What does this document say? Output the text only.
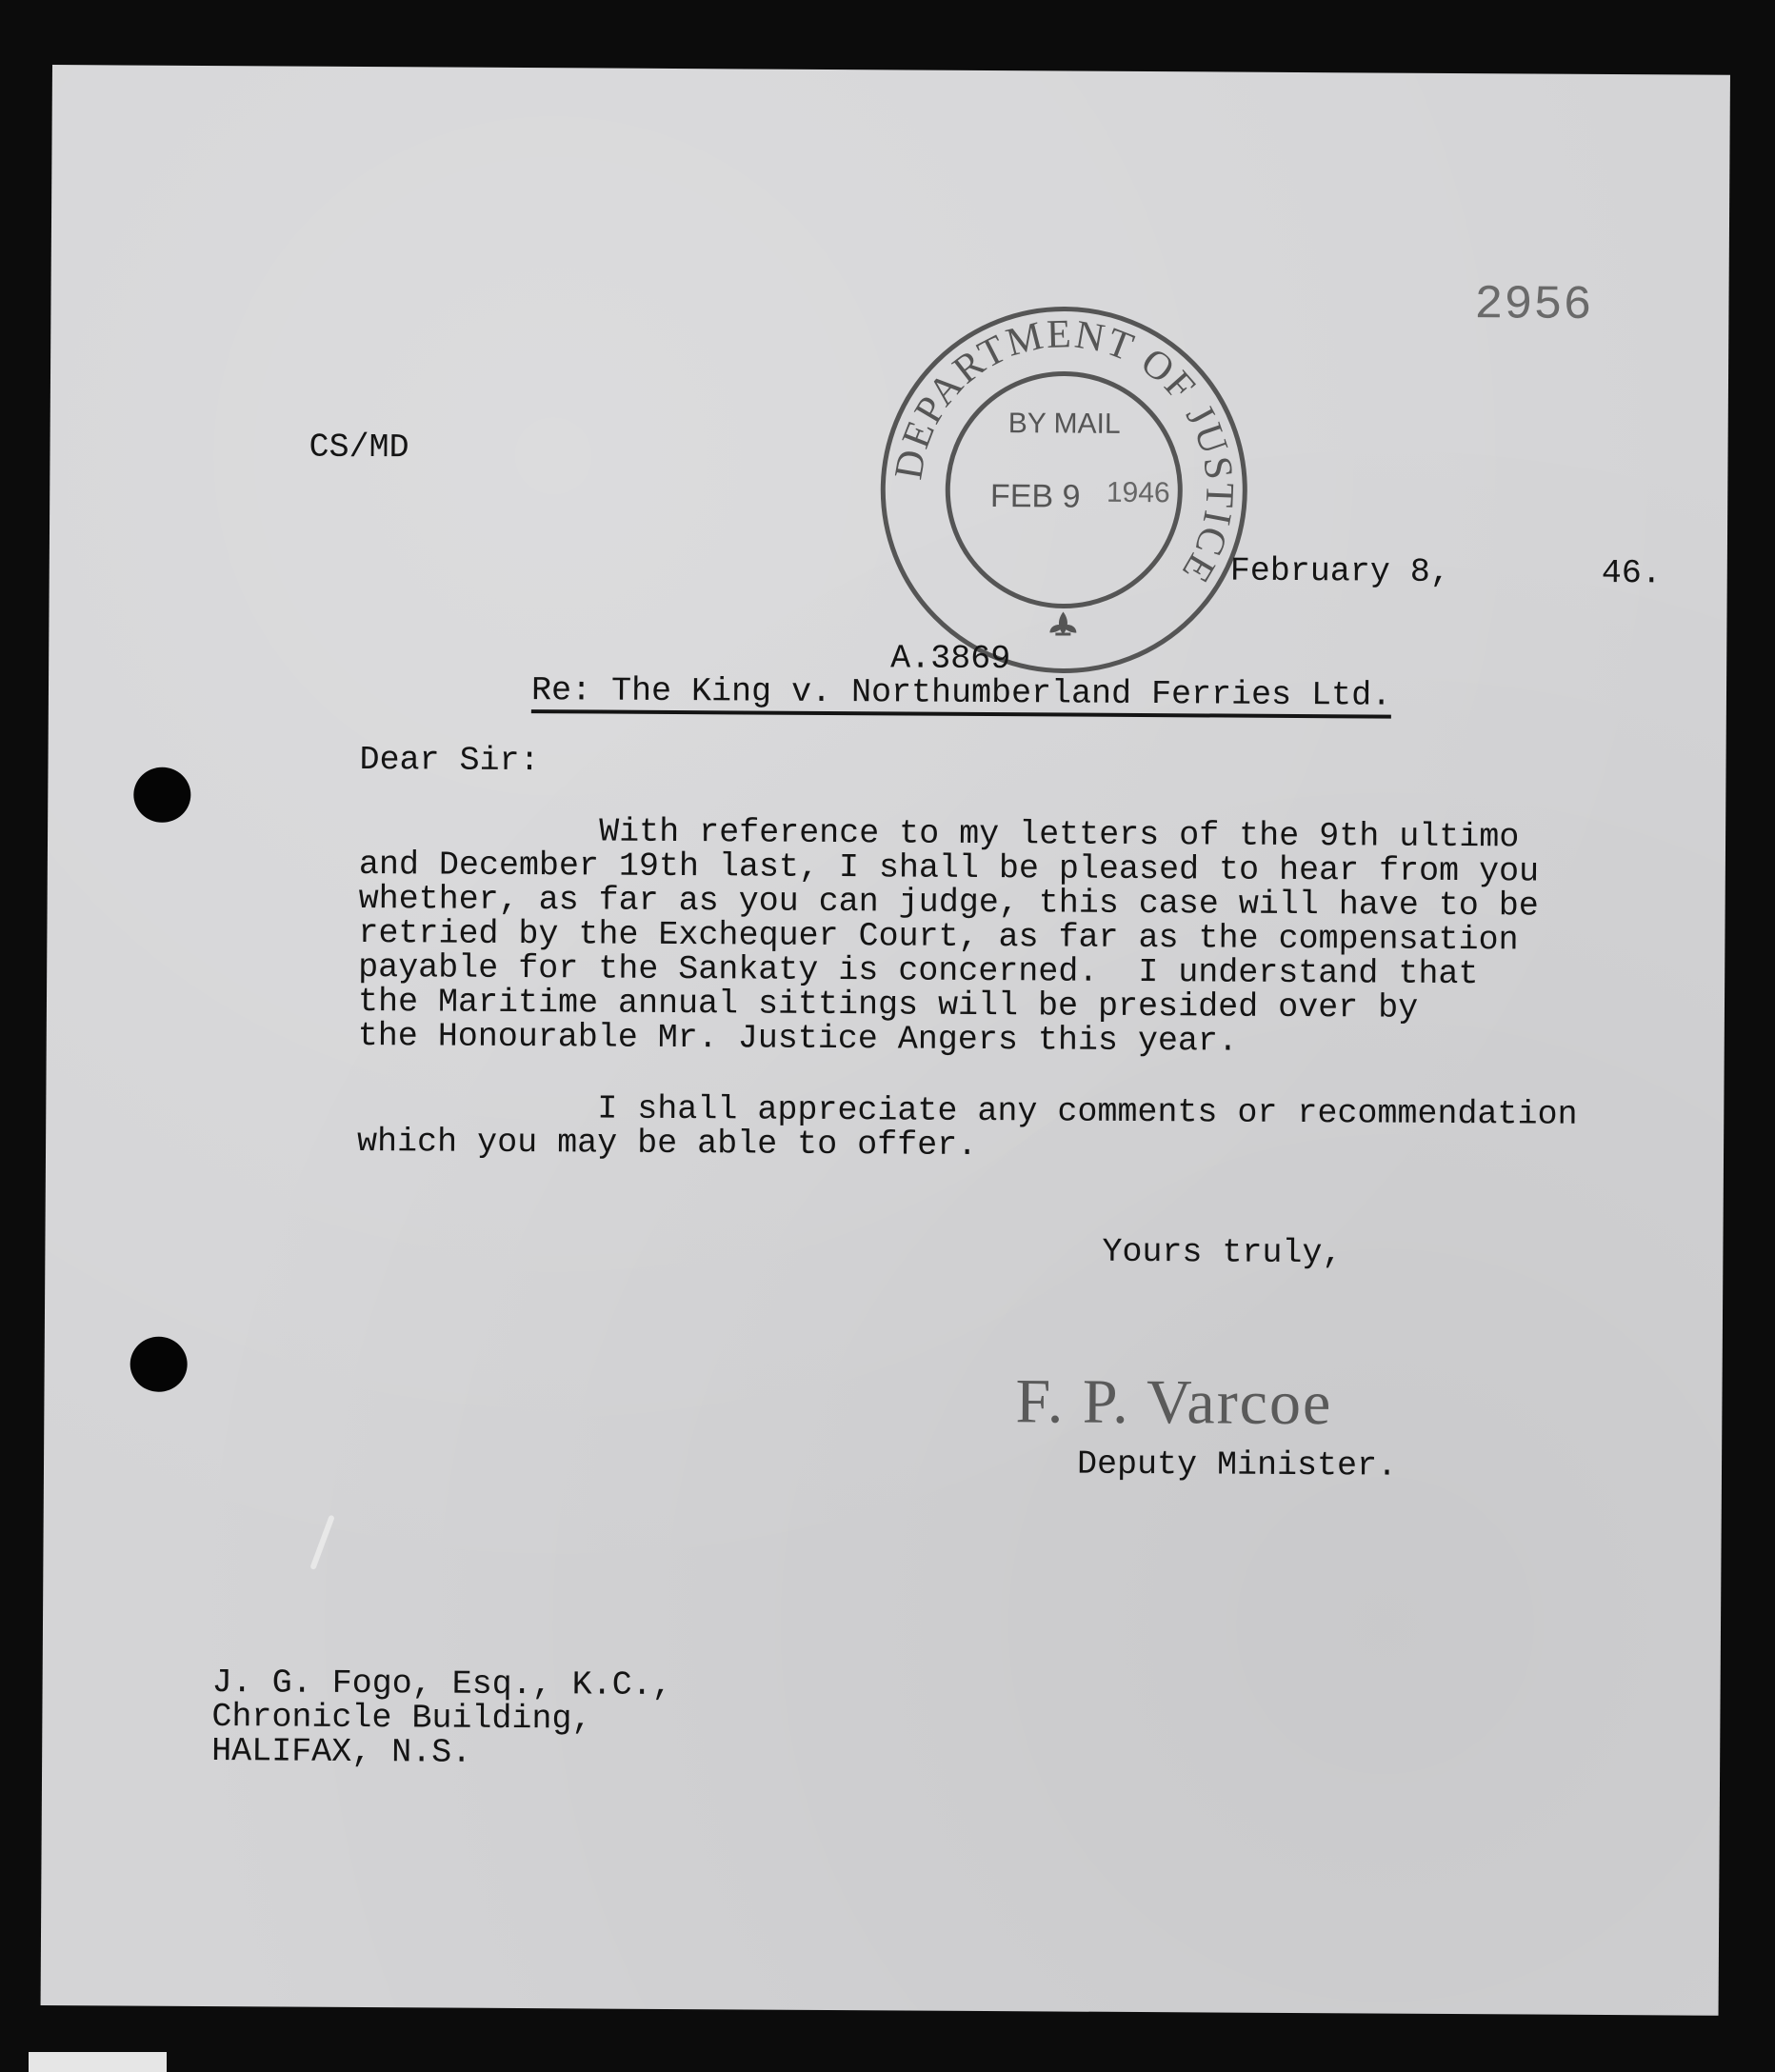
2956
CS/MD	DEPARTMENT OF JUSTICE
BY MAIL
FEB 9 1946
February 8,	46.
A.3869
Re: The King v. Northumberland Ferries Ltd.
Dear Sir:
With reference to my letters of the 9th ultimo
and December 19th last, I shall be pleased to hear from you
whether, as far as you can judge, this case will have to be
retried by the Exchequer Court, as far as the compensation
payable for the Sankaty is concerned.  I understand that
the Maritime annual sittings will be presided over by
the Honourable Mr. Justice Angers this year.
I shall appreciate any comments or recommendation
which you may be able to offer.
Yours truly,
F. P. Varcoe
Deputy Minister.
J. G. Fogo, Esq., K.C.,
Chronicle Building,
HALIFAX, N.S.
